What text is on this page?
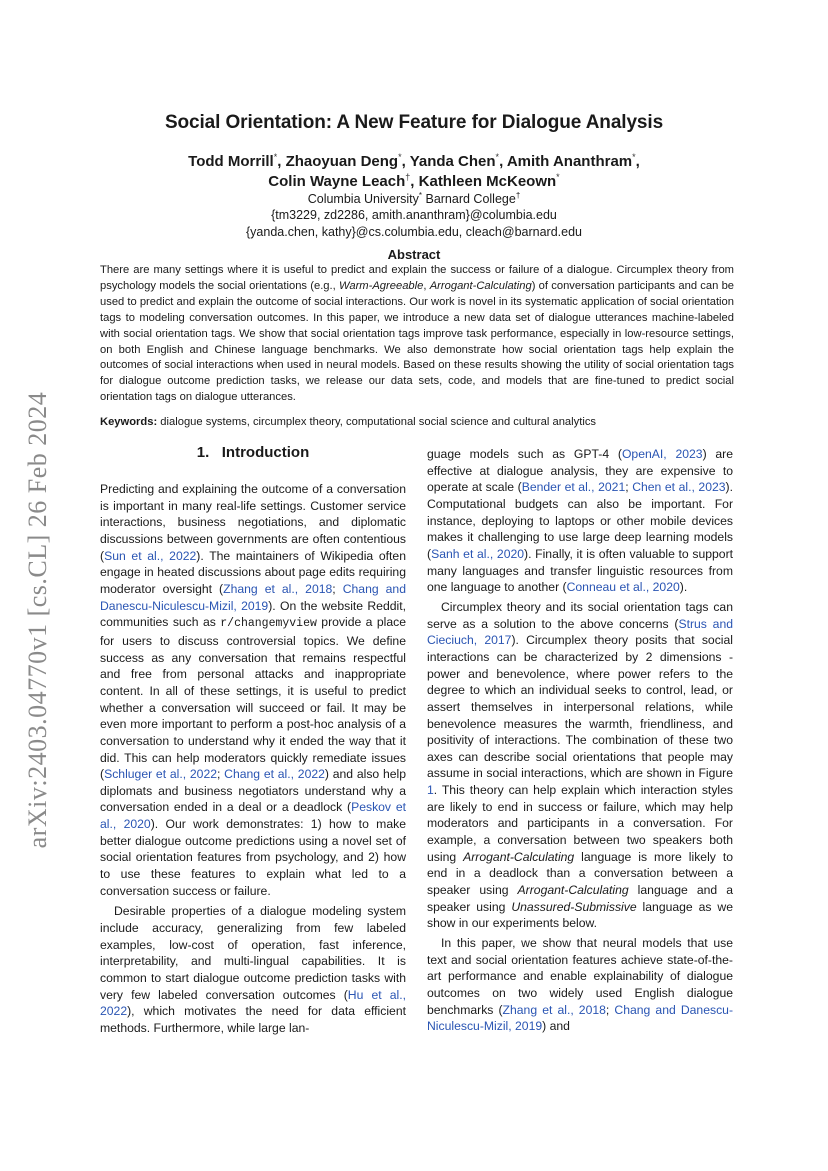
arXiv:2403.04770v1 [cs.CL] 26 Feb 2024
Social Orientation: A New Feature for Dialogue Analysis
Todd Morrill*, Zhaoyuan Deng*, Yanda Chen*, Amith Ananthram*,
Colin Wayne Leach†, Kathleen McKeown*
Columbia University* Barnard College†
{tm3229, zd2286, amith.ananthram}@columbia.edu
{yanda.chen, kathy}@cs.columbia.edu, cleach@barnard.edu
Abstract
There are many settings where it is useful to predict and explain the success or failure of a dialogue. Circumplex theory from psychology models the social orientations (e.g., Warm-Agreeable, Arrogant-Calculating) of conversation participants and can be used to predict and explain the outcome of social interactions. Our work is novel in its systematic application of social orientation tags to modeling conversation outcomes. In this paper, we introduce a new data set of dialogue utterances machine-labeled with social orientation tags. We show that social orientation tags improve task performance, especially in low-resource settings, on both English and Chinese language benchmarks. We also demonstrate how social orientation tags help explain the outcomes of social interactions when used in neural models. Based on these results showing the utility of social orientation tags for dialogue outcome prediction tasks, we release our data sets, code, and models that are fine-tuned to predict social orientation tags on dialogue utterances.
Keywords: dialogue systems, circumplex theory, computational social science and cultural analytics
1. Introduction

Predicting and explaining the outcome of a conversation is important in many real-life settings. Customer service interactions, business negotiations, and diplomatic discussions between governments are often contentious (Sun et al., 2022). The maintainers of Wikipedia often engage in heated discussions about page edits requiring moderator oversight (Zhang et al., 2018; Chang and Danescu-Niculescu-Mizil, 2019). On the website Reddit, communities such as r/changemyview provide a place for users to discuss controversial topics. We define success as any conversation that remains respectful and free from personal attacks and inappropriate content. In all of these settings, it is useful to predict whether a conversation will succeed or fail. It may be even more important to perform a post-hoc analysis of a conversation to understand why it ended the way that it did. This can help moderators quickly remediate issues (Schluger et al., 2022; Chang et al., 2022) and also help diplomats and business negotiators understand why a conversation ended in a deal or a deadlock (Peskov et al., 2020). Our work demonstrates: 1) how to make better dialogue outcome predictions using a novel set of social orientation features from psychology, and 2) how to use these features to explain what led to a conversation success or failure.

Desirable properties of a dialogue modeling system include accuracy, generalizing from few labeled examples, low-cost of operation, fast inference, interpretability, and multi-lingual capabilities. It is common to start dialogue outcome prediction tasks with very few labeled conversation outcomes (Hu et al., 2022), which motivates the need for data efficient methods. Furthermore, while large lan-

guage models such as GPT-4 (OpenAI, 2023) are effective at dialogue analysis, they are expensive to operate at scale (Bender et al., 2021; Chen et al., 2023). Computational budgets can also be important. For instance, deploying to laptops or other mobile devices makes it challenging to use large deep learning models (Sanh et al., 2020). Finally, it is often valuable to support many languages and transfer linguistic resources from one language to another (Conneau et al., 2020).

Circumplex theory and its social orientation tags can serve as a solution to the above concerns (Strus and Cieciuch, 2017). Circumplex theory posits that social interactions can be characterized by 2 dimensions - power and benevolence, where power refers to the degree to which an individual seeks to control, lead, or assert themselves in interpersonal relations, while benevolence measures the warmth, friendliness, and positivity of interactions. The combination of these two axes can describe social orientations that people may assume in social interactions, which are shown in Figure 1. This theory can help explain which interaction styles are likely to end in success or failure, which may help moderators and participants in a conversation. For example, a conversation between two speakers both using Arrogant-Calculating language is more likely to end in a deadlock than a conversation between a speaker using Arrogant-Calculating language and a speaker using Unassured-Submissive language as we show in our experiments below.

In this paper, we show that neural models that use text and social orientation features achieve state-of-the-art performance and enable explainability of dialogue outcomes on two widely used English dialogue benchmarks (Zhang et al., 2018; Chang and Danescu-Niculescu-Mizil, 2019) and
